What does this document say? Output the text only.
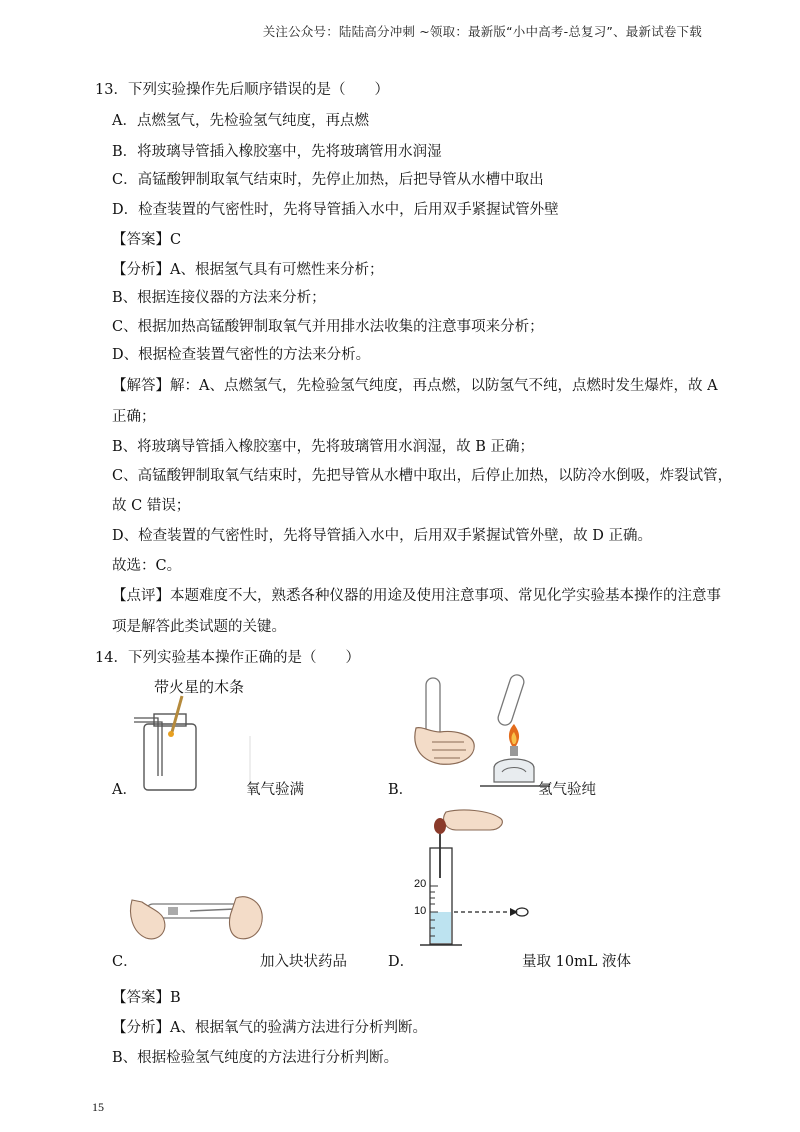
关注公众号：陆陆高分冲刺 ~领取：最新版“小中高考-总复习”、最新试卷下载
13．下列实验操作先后顺序错误的是（　　）
A．点燃氢气，先检验氢气纯度，再点燃
B．将玻璃导管插入橡胶塞中，先将玻璃管用水润湿
C．高锰酸钾制取氧气结束时，先停止加热，后把导管从水槽中取出
D．检查装置的气密性时，先将导管插入水中，后用双手紧握试管外壁
【答案】C
【分析】A、根据氢气具有可燃性来分析；
B、根据连接仪器的方法来分析；
C、根据加热高锰酸钾制取氧气并用排水法收集的注意事项来分析；
D、根据检查装置气密性的方法来分析。
【解答】解：A、点燃氢气，先检验氢气纯度，再点燃，以防氢气不纯，点燃时发生爆炸，故 A
正确；
B、将玻璃导管插入橡胶塞中，先将玻璃管用水润湿，故 B 正确；
C、高锰酸钾制取氧气结束时，先把导管从水槽中取出，后停止加热，以防冷水倒吸，炸裂试管，
故 C 错误；
D、检查装置的气密性时，先将导管插入水中，后用双手紧握试管外壁，故 D 正确。
故选：C。
【点评】本题难度不大，熟悉各种仪器的用途及使用注意事项、常见化学实验基本操作的注意事
项是解答此类试题的关键。
14．下列实验基本操作正确的是（　　）
带火星的木条
A．	氧气验满	B．	氢气验纯
C．	加入块状药品
20
10
D．	量取 10mL 液体
【答案】B
【分析】A、根据氧气的验满方法进行分析判断。
B、根据检验氢气纯度的方法进行分析判断。
15
